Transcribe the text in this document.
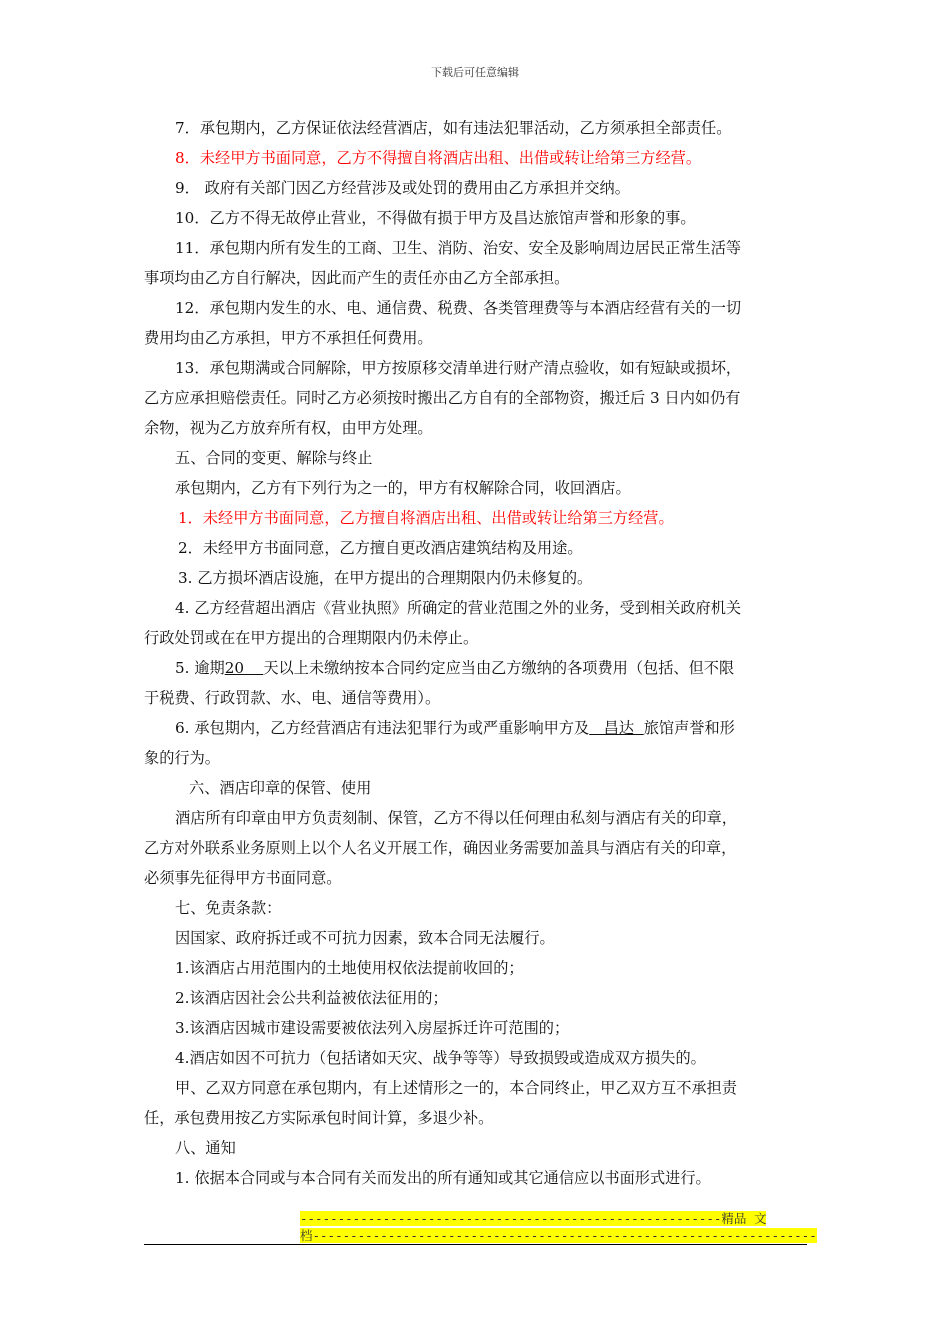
下载后可任意编辑
7．承包期内，乙方保证依法经营酒店，如有违法犯罪活动，乙方须承担全部责任。
8．未经甲方书面同意，乙方不得擅自将酒店出租、出借或转让给第三方经营。
9． 政府有关部门因乙方经营涉及或处罚的费用由乙方承担并交纳。
10．乙方不得无故停止营业，不得做有损于甲方及昌达旅馆声誉和形象的事。
11．承包期内所有发生的工商、卫生、消防、治安、安全及影响周边居民正常生活等
事项均由乙方自行解决，因此而产生的责任亦由乙方全部承担。
12．承包期内发生的水、电、通信费、税费、各类管理费等与本酒店经营有关的一切
费用均由乙方承担，甲方不承担任何费用。
13．承包期满或合同解除，甲方按原移交清单进行财产清点验收，如有短缺或损坏，
乙方应承担赔偿责任。同时乙方必须按时搬出乙方自有的全部物资，搬迁后 3 日内如仍有
余物，视为乙方放弃所有权，由甲方处理。
五、合同的变更、解除与终止
承包期内，乙方有下列行为之一的，甲方有权解除合同，收回酒店。
1．未经甲方书面同意，乙方擅自将酒店出租、出借或转让给第三方经营。
2．未经甲方书面同意，乙方擅自更改酒店建筑结构及用途。
3. 乙方损坏酒店设施，在甲方提出的合理期限内仍未修复的。
4. 乙方经营超出酒店《营业执照》所确定的营业范围之外的业务，受到相关政府机关
行政处罚或在在甲方提出的合理期限内仍未停止。
5. 逾期20    天以上未缴纳按本合同约定应当由乙方缴纳的各项费用（包括、但不限
于税费、行政罚款、水、电、通信等费用）。
6. 承包期内，乙方经营酒店有违法犯罪行为或严重影响甲方及   昌达  旅馆声誉和形
象的行为。
六、酒店印章的保管、使用
酒店所有印章由甲方负责刻制、保管，乙方不得以任何理由私刻与酒店有关的印章，
乙方对外联系业务原则上以个人名义开展工作，确因业务需要加盖具与酒店有关的印章，
必须事先征得甲方书面同意。
七、免责条款：
因国家、政府拆迁或不可抗力因素，致本合同无法履行。
1.该酒店占用范围内的土地使用权依法提前收回的；
2.该酒店因社会公共利益被依法征用的；
3.该酒店因城市建设需要被依法列入房屋拆迁许可范围的；
4.酒店如因不可抗力（包括诸如天灾、战争等等）导致损毁或造成双方损失的。
甲、乙双方同意在承包期内，有上述情形之一的，本合同终止，甲乙双方互不承担责
任，承包费用按乙方实际承包时间计算，多退少补。
八、通知
1. 依据本合同或与本合同有关而发出的所有通知或其它通信应以书面形式进行。
--------------------------------------------------------精品 文
档-------------------------------------------------------------------
